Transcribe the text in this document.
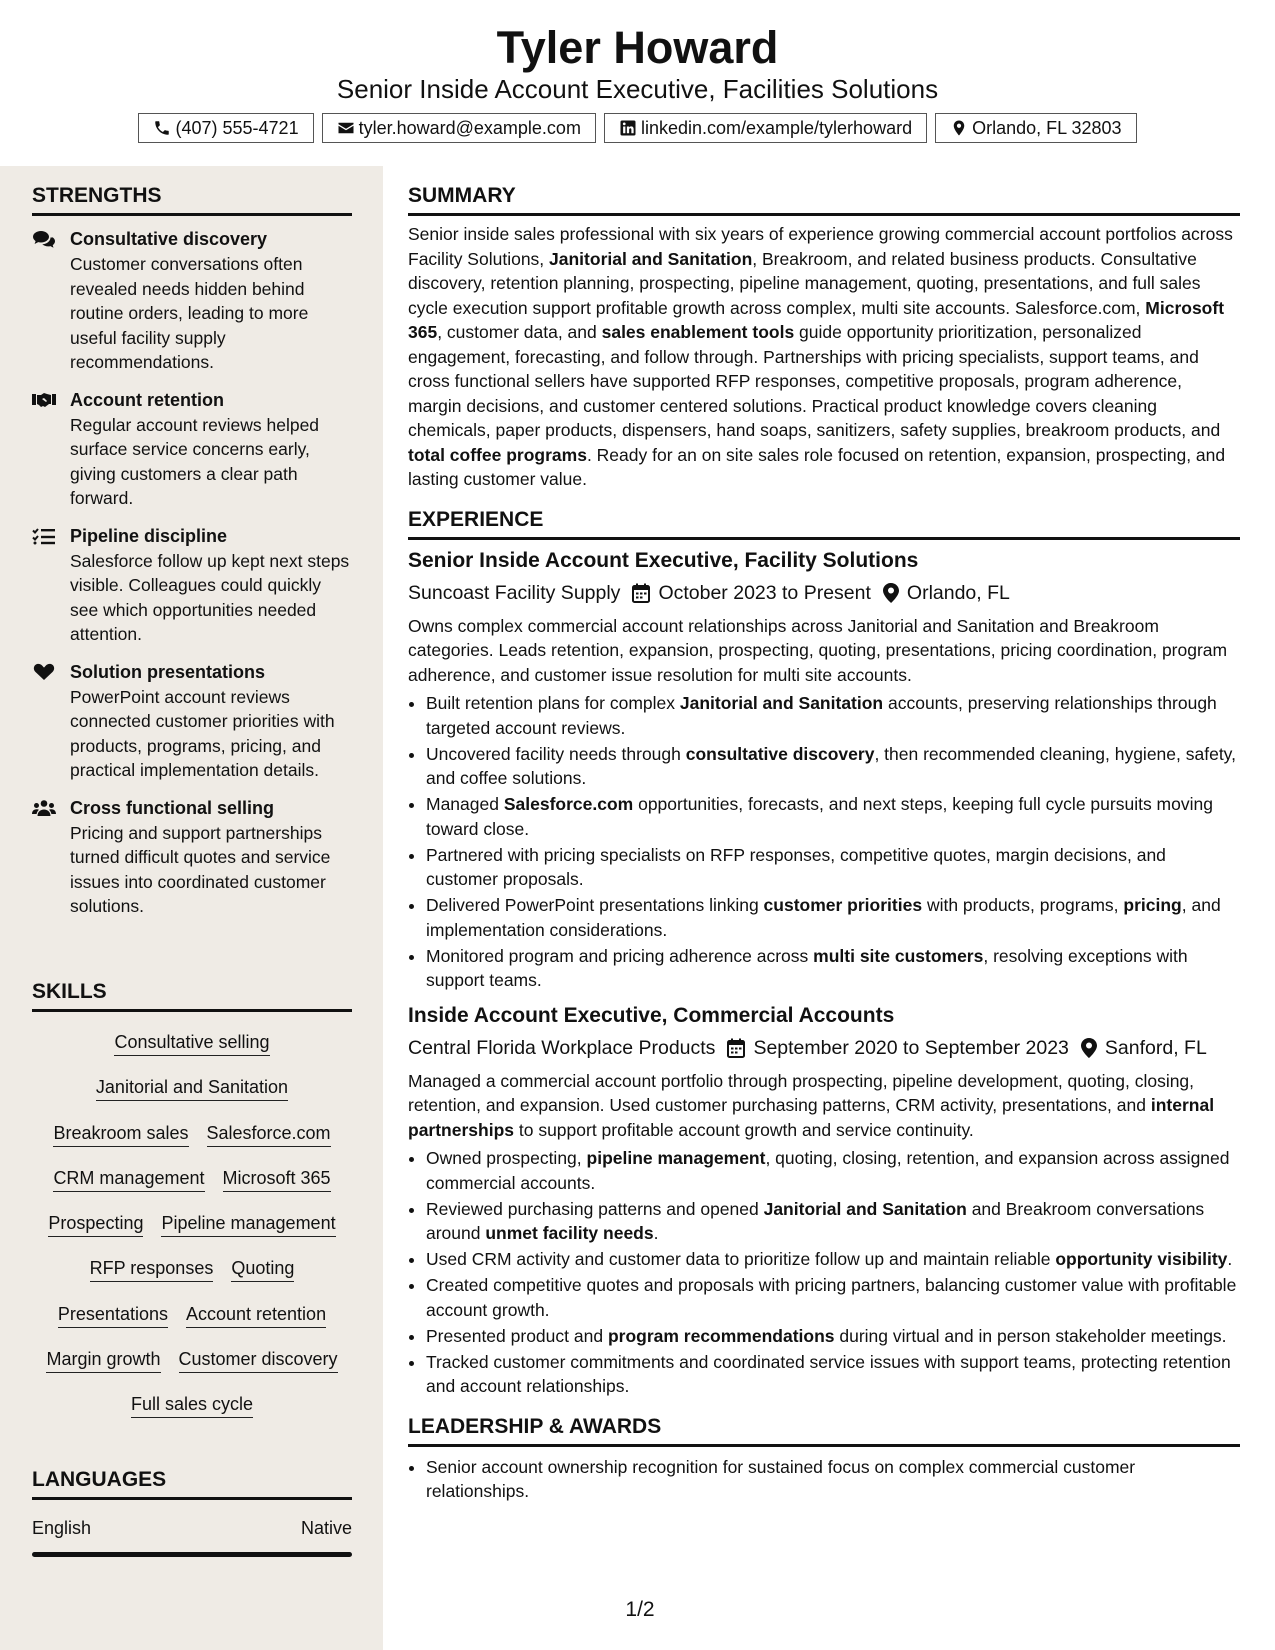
Tyler Howard
Senior Inside Account Executive, Facilities Solutions
(407) 555-4721	tyler.howard@example.com	linkedin.com/example/tylerhoward	Orlando, FL 32803
STRENGTHS
Consultative discovery
Customer conversations often revealed needs hidden behind routine orders, leading to more useful facility supply recommendations.
Account retention
Regular account reviews helped surface service concerns early, giving customers a clear path forward.
Pipeline discipline
Salesforce follow up kept next steps visible. Colleagues could quickly see which opportunities needed attention.
Solution presentations
PowerPoint account reviews connected customer priorities with products, programs, pricing, and practical implementation details.
Cross functional selling
Pricing and support partnerships turned difficult quotes and service issues into coordinated customer solutions.
SKILLS
Consultative selling
Janitorial and Sanitation
Breakroom sales Salesforce.com
CRM management Microsoft 365
Prospecting Pipeline management
RFP responses Quoting
Presentations Account retention
Margin growth Customer discovery
Full sales cycle
LANGUAGES
English	Native
SUMMARY

Senior inside sales professional with six years of experience growing commercial account portfolios across Facility Solutions, Janitorial and Sanitation, Breakroom, and related business products. Consultative discovery, retention planning, prospecting, pipeline management, quoting, presentations, and full sales cycle execution support profitable growth across complex, multi site accounts. Salesforce.com, Microsoft 365, customer data, and sales enablement tools guide opportunity prioritization, personalized engagement, forecasting, and follow through. Partnerships with pricing specialists, support teams, and cross functional sellers have supported RFP responses, competitive proposals, program adherence, margin decisions, and customer centered solutions. Practical product knowledge covers cleaning chemicals, paper products, dispensers, hand soaps, sanitizers, safety supplies, breakroom products, and total coffee programs. Ready for an on site sales role focused on retention, expansion, prospecting, and lasting customer value.

EXPERIENCE
Senior Inside Account Executive, Facility Solutions
Suncoast Facility Supply October 2023 to Present Orlando, FL

Owns complex commercial account relationships across Janitorial and Sanitation and Breakroom categories. Leads retention, expansion, prospecting, quoting, presentations, pricing coordination, program adherence, and customer issue resolution for multi site accounts.

• Built retention plans for complex Janitorial and Sanitation accounts, preserving relationships through targeted account reviews.
• Uncovered facility needs through consultative discovery, then recommended cleaning, hygiene, safety, and coffee solutions.
• Managed Salesforce.com opportunities, forecasts, and next steps, keeping full cycle pursuits moving toward close.
• Partnered with pricing specialists on RFP responses, competitive quotes, margin decisions, and customer proposals.
• Delivered PowerPoint presentations linking customer priorities with products, programs, pricing, and implementation considerations.
• Monitored program and pricing adherence across multi site customers, resolving exceptions with support teams.
Inside Account Executive, Commercial Accounts
Central Florida Workplace Products September 2020 to September 2023 Sanford, FL

Managed a commercial account portfolio through prospecting, pipeline development, quoting, closing, retention, and expansion. Used customer purchasing patterns, CRM activity, presentations, and internal partnerships to support profitable account growth and service continuity.

• Owned prospecting, pipeline management, quoting, closing, retention, and expansion across assigned commercial accounts.
• Reviewed purchasing patterns and opened Janitorial and Sanitation and Breakroom conversations around unmet facility needs.
• Used CRM activity and customer data to prioritize follow up and maintain reliable opportunity visibility.
• Created competitive quotes and proposals with pricing partners, balancing customer value with profitable account growth.
• Presented product and program recommendations during virtual and in person stakeholder meetings.
• Tracked customer commitments and coordinated service issues with support teams, protecting retention and account relationships.
LEADERSHIP & AWARDS
• Senior account ownership recognition for sustained focus on complex commercial customer relationships.
1/2
